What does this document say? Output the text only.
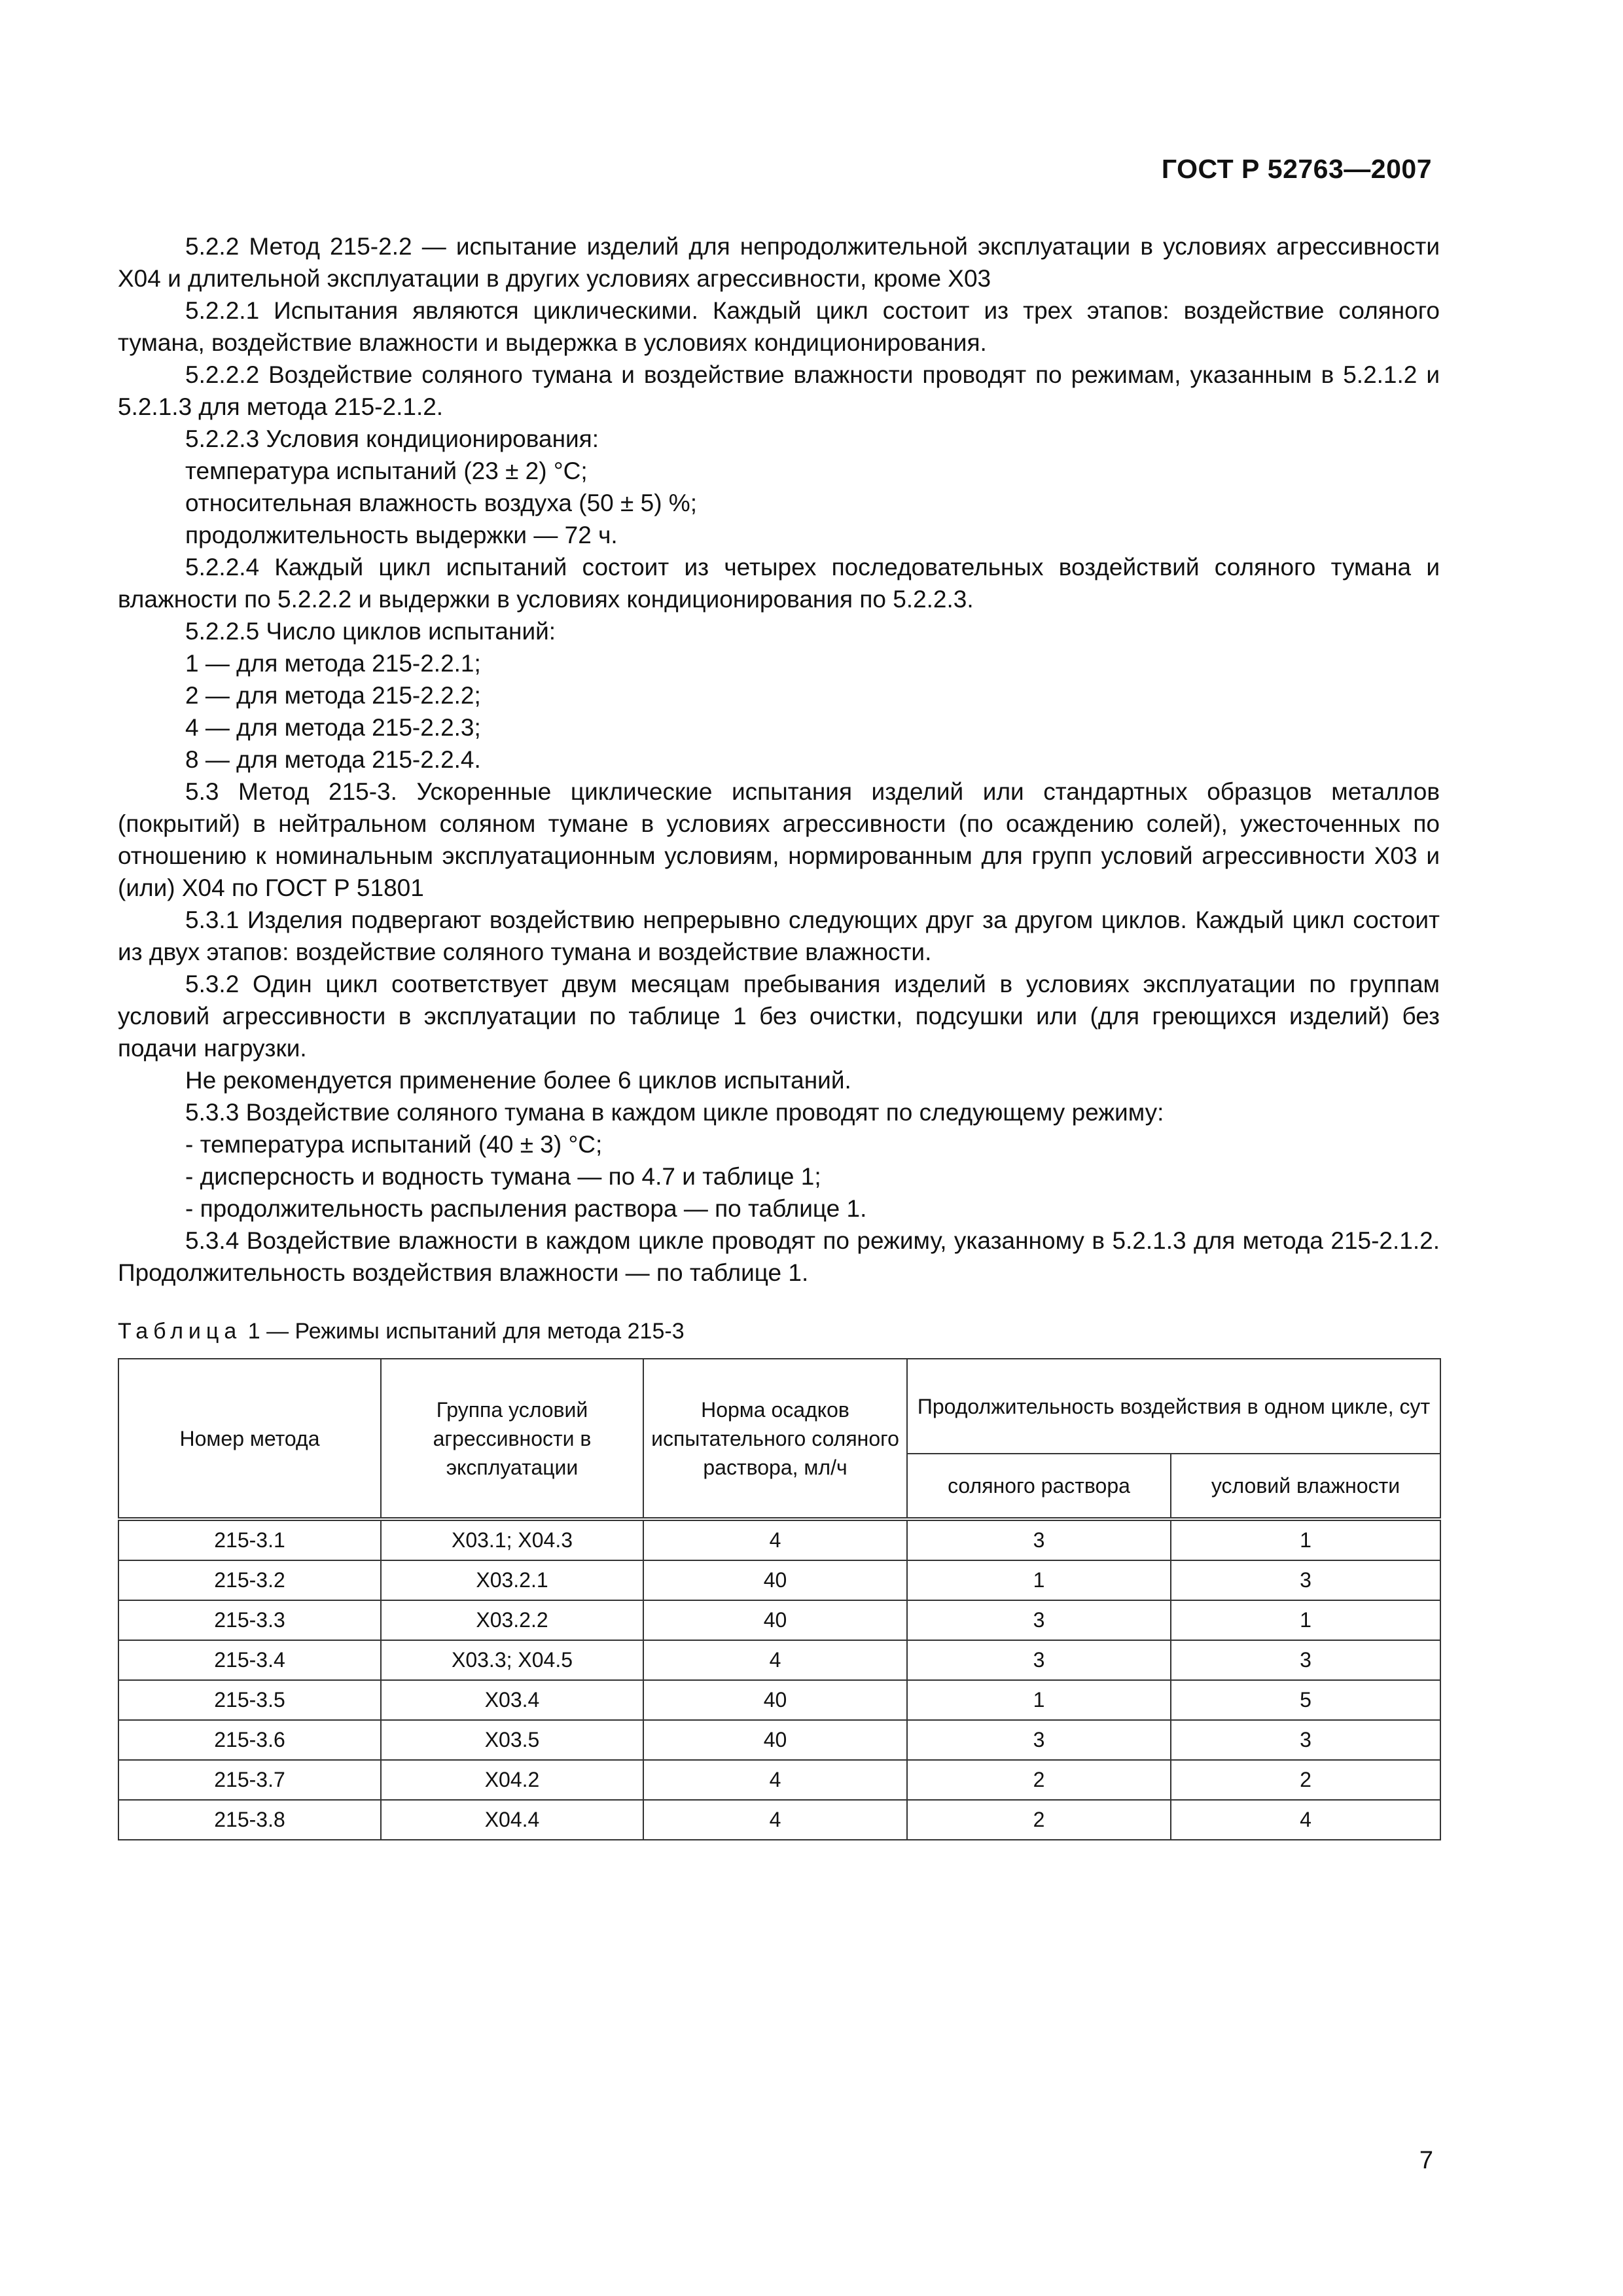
ГОСТ Р 52763—2007

5.2.2 Метод 215-2.2 — испытание изделий для непродолжительной эксплуатации в условиях агрессивности Х04 и длительной эксплуатации в других условиях агрессивности, кроме Х03

5.2.2.1 Испытания являются циклическими. Каждый цикл состоит из трех этапов: воздействие соляного тумана, воздействие влажности и выдержка в условиях кондиционирования.

5.2.2.2 Воздействие соляного тумана и воздействие влажности проводят по режимам, указанным в 5.2.1.2 и 5.2.1.3 для метода 215-2.1.2.

5.2.2.3 Условия кондиционирования:

температура испытаний (23 ± 2) °С;

относительная влажность воздуха (50 ± 5) %;

продолжительность выдержки — 72 ч.

5.2.2.4 Каждый цикл испытаний состоит из четырех последовательных воздействий соляного тумана и влажности по 5.2.2.2 и выдержки в условиях кондиционирования по 5.2.2.3.

5.2.2.5 Число циклов испытаний:

1 — для метода 215-2.2.1;

2 — для метода 215-2.2.2;

4 — для метода 215-2.2.3;

8 — для метода 215-2.2.4.

5.3 Метод 215-3. Ускоренные циклические испытания изделий или стандартных образцов металлов (покрытий) в нейтральном соляном тумане в условиях агрессивности (по осаждению солей), ужесточенных по отношению к номинальным эксплуатационным условиям, нормированным для групп условий агрессивности Х03 и (или) Х04 по ГОСТ Р 51801

5.3.1 Изделия подвергают воздействию непрерывно следующих друг за другом циклов. Каждый цикл состоит из двух этапов: воздействие соляного тумана и воздействие влажности.

5.3.2 Один цикл соответствует двум месяцам пребывания изделий в условиях эксплуатации по группам условий агрессивности в эксплуатации по таблице 1 без очистки, подсушки или (для греющихся изделий) без подачи нагрузки.

Не рекомендуется применение более 6 циклов испытаний.

5.3.3 Воздействие соляного тумана в каждом цикле проводят по следующему режиму:

- температура испытаний (40 ± 3) °С;

- дисперсность и водность тумана — по 4.7 и таблице 1;

- продолжительность распыления раствора — по таблице 1.

5.3.4 Воздействие влажности в каждом цикле проводят по режиму, указанному в 5.2.1.3 для метода 215-2.1.2. Продолжительность воздействия влажности — по таблице 1.

Таблица 1 — Режимы испытаний для метода 215-3
Номер метода	Группа условий агрессивности в эксплуатации	Норма осадков испытательного соляного раствора, мл/ч	Продолжительность воздействия в одном цикле, сут	
			соляного раствора	условий влажности
215-3.1	Х03.1; Х04.3	4	3	1
215-3.2	Х03.2.1	40	1	3
215-3.3	Х03.2.2	40	3	1
215-3.4	Х03.3; Х04.5	4	3	3
215-3.5	Х03.4	40	1	5
215-3.6	Х03.5	40	3	3
215-3.7	Х04.2	4	2	2
215-3.8	Х04.4	4	2	4
7
